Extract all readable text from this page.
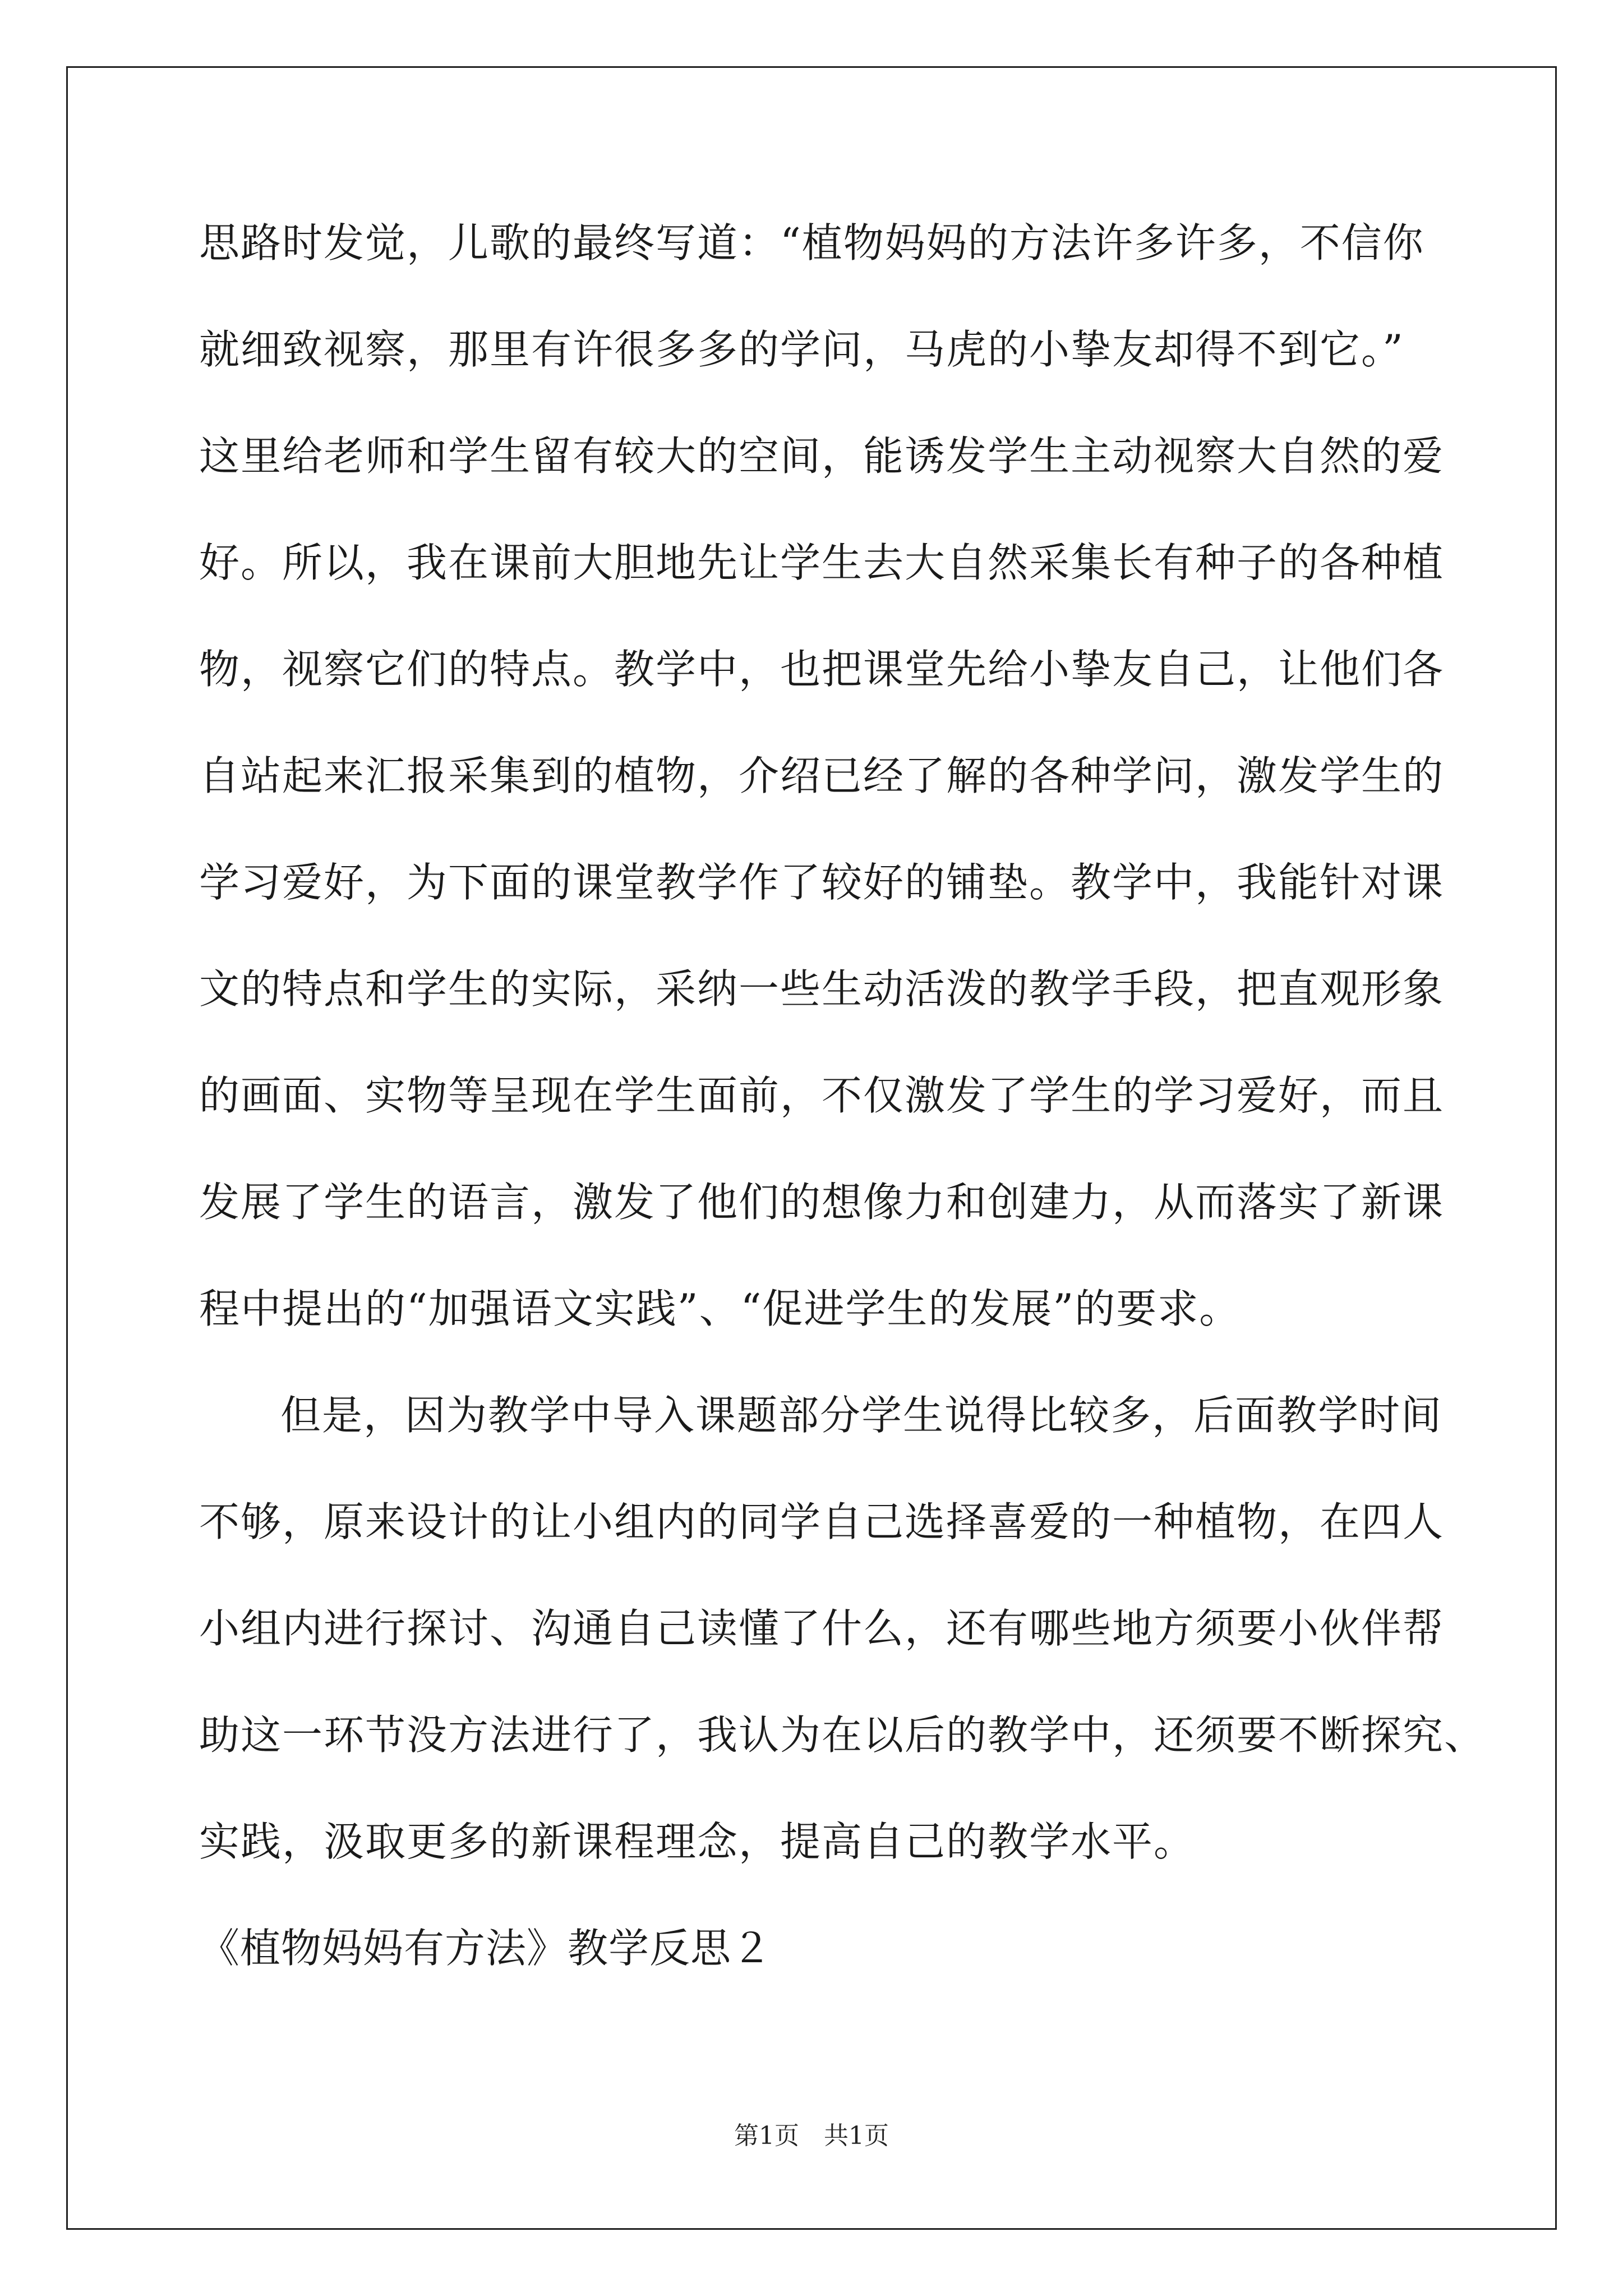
思路时发觉，儿歌的最终写道：“植物妈妈的方法许多许多，不信你
就细致视察，那里有许很多多的学问，马虎的小挚友却得不到它。”
这里给老师和学生留有较大的空间，能诱发学生主动视察大自然的爱
好。所以，我在课前大胆地先让学生去大自然采集长有种子的各种植
物，视察它们的特点。教学中，也把课堂先给小挚友自己，让他们各
自站起来汇报采集到的植物，介绍已经了解的各种学问，激发学生的
学习爱好，为下面的课堂教学作了较好的铺垫。教学中，我能针对课
文的特点和学生的实际，采纳一些生动活泼的教学手段，把直观形象
的画面、实物等呈现在学生面前，不仅激发了学生的学习爱好，而且
发展了学生的语言，激发了他们的想像力和创建力，从而落实了新课
程中提出的“加强语文实践”、“促进学生的发展”的要求。
但是，因为教学中导入课题部分学生说得比较多，后面教学时间
不够，原来设计的让小组内的同学自己选择喜爱的一种植物，在四人
小组内进行探讨、沟通自己读懂了什么，还有哪些地方须要小伙伴帮
助这一环节没方法进行了，我认为在以后的教学中，还须要不断探究、
实践，汲取更多的新课程理念，提高自己的教学水平。
《植物妈妈有方法》教学反思２
第1页　共1页
